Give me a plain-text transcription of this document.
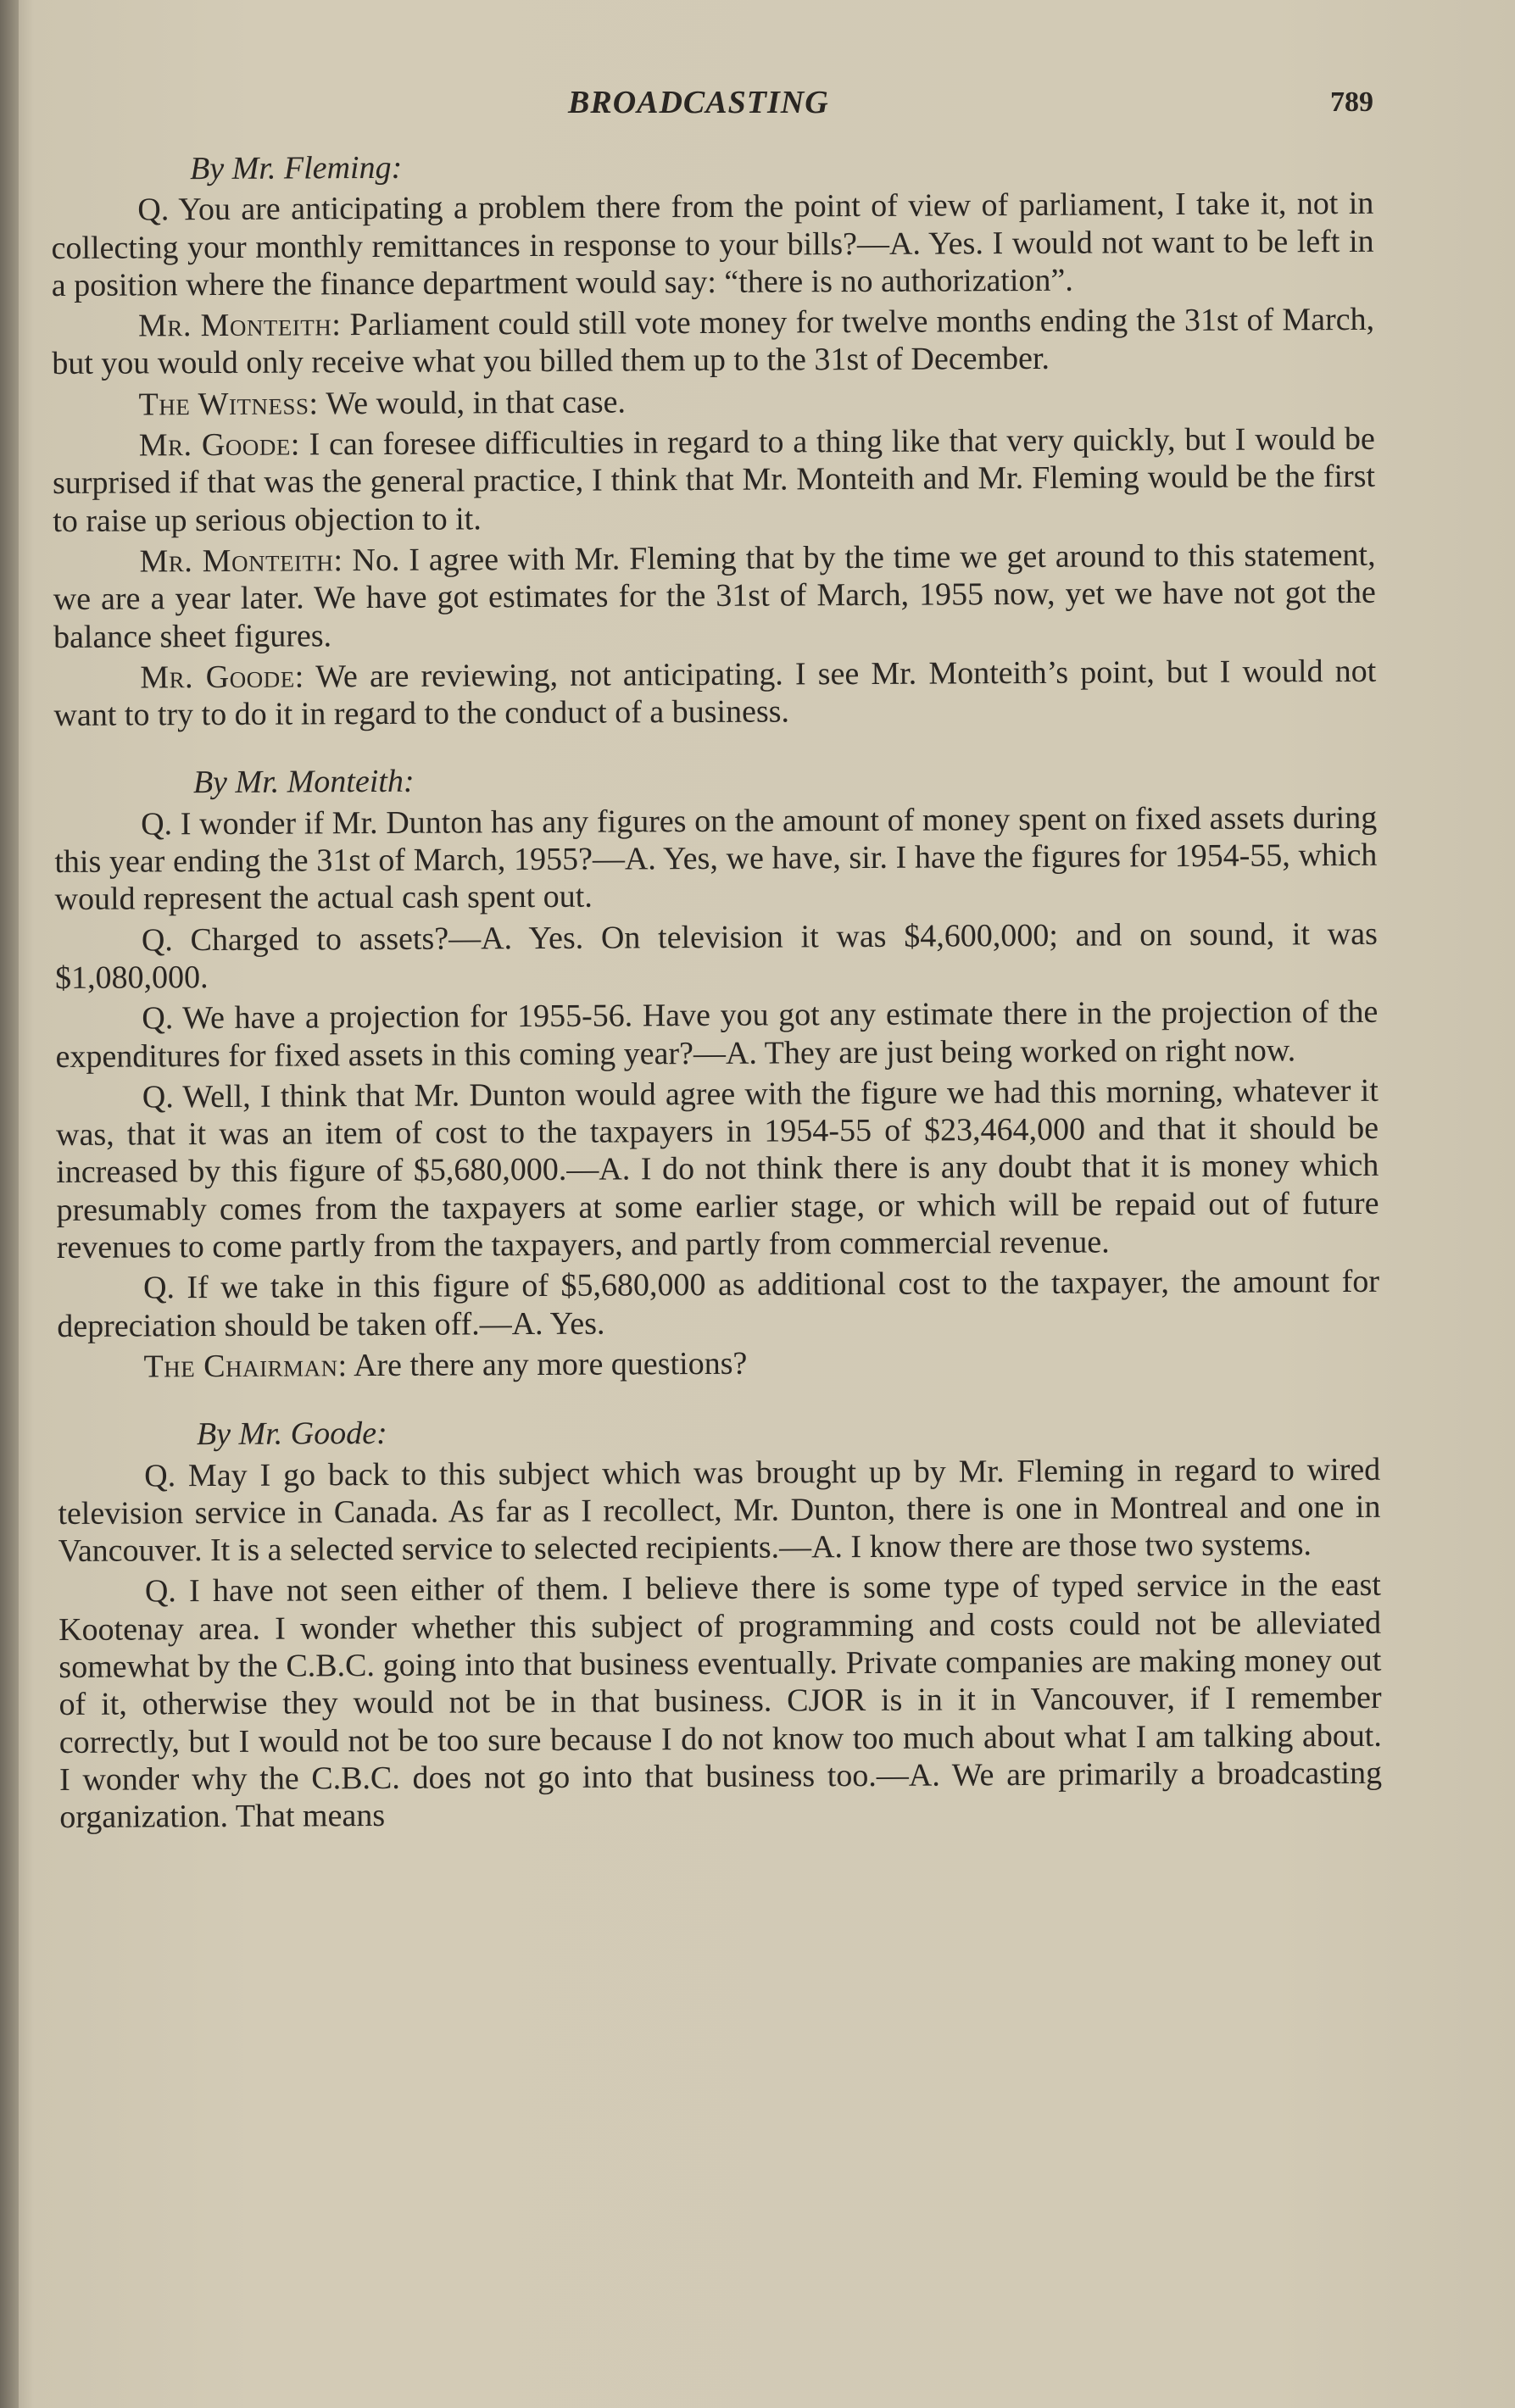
BROADCASTING	789

By Mr. Fleming:

Q. You are anticipating a problem there from the point of view of parliament, I take it, not in collecting your monthly remittances in response to your bills?—A. Yes. I would not want to be left in a position where the finance department would say: “there is no authorization”.

Mr. Monteith: Parliament could still vote money for twelve months ending the 31st of March, but you would only receive what you billed them up to the 31st of December.

The Witness: We would, in that case.

Mr. Goode: I can foresee difficulties in regard to a thing like that very quickly, but I would be surprised if that was the general practice, I think that Mr. Monteith and Mr. Fleming would be the first to raise up serious objection to it.

Mr. Monteith: No. I agree with Mr. Fleming that by the time we get around to this statement, we are a year later. We have got estimates for the 31st of March, 1955 now, yet we have not got the balance sheet figures.

Mr. Goode: We are reviewing, not anticipating. I see Mr. Monteith’s point, but I would not want to try to do it in regard to the conduct of a business.

By Mr. Monteith:

Q. I wonder if Mr. Dunton has any figures on the amount of money spent on fixed assets during this year ending the 31st of March, 1955?—A. Yes, we have, sir. I have the figures for 1954-55, which would represent the actual cash spent out.

Q. Charged to assets?—A. Yes. On television it was $4,600,000; and on sound, it was $1,080,000.

Q. We have a projection for 1955-56. Have you got any estimate there in the projection of the expenditures for fixed assets in this coming year?—A. They are just being worked on right now.

Q. Well, I think that Mr. Dunton would agree with the figure we had this morning, whatever it was, that it was an item of cost to the taxpayers in 1954-55 of $23,464,000 and that it should be increased by this figure of $5,680,000.—A. I do not think there is any doubt that it is money which presumably comes from the taxpayers at some earlier stage, or which will be repaid out of future revenues to come partly from the taxpayers, and partly from commercial revenue.

Q. If we take in this figure of $5,680,000 as additional cost to the taxpayer, the amount for depreciation should be taken off.—A. Yes.

The Chairman: Are there any more questions?

By Mr. Goode:

Q. May I go back to this subject which was brought up by Mr. Fleming in regard to wired television service in Canada. As far as I recollect, Mr. Dunton, there is one in Montreal and one in Vancouver. It is a selected service to selected recipients.—A. I know there are those two systems.

Q. I have not seen either of them. I believe there is some type of typed service in the east Kootenay area. I wonder whether this subject of programming and costs could not be alleviated somewhat by the C.B.C. going into that business eventually. Private companies are making money out of it, otherwise they would not be in that business. CJOR is in it in Vancouver, if I remember correctly, but I would not be too sure because I do not know too much about what I am talking about. I wonder why the C.B.C. does not go into that business too.—A. We are primarily a broadcasting organization. That means
